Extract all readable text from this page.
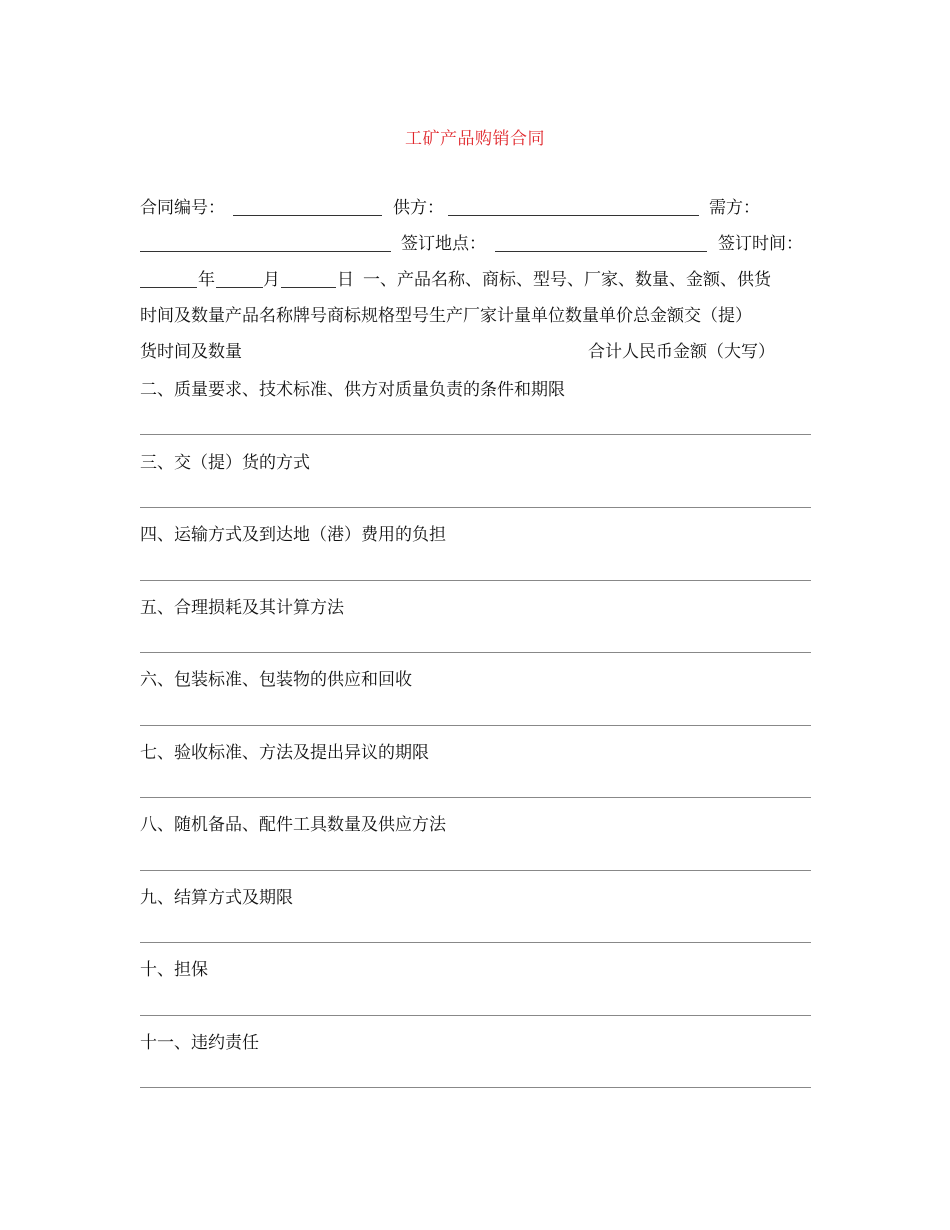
工矿产品购销合同
合同编号：	供方：	需方：
签订地点：	签订时间：
年	月	日 一、产品名称、商标、型号、厂家、数量、金额、供货
时间及数量产品名称牌号商标规格型号生产厂家计量单位数量单价总金额交（提）
货时间及数量	合计人民币金额（大写）
二、质量要求、技术标准、供方对质量负责的条件和期限
三、交（提）货的方式
四、运输方式及到达地（港）费用的负担
五、合理损耗及其计算方法
六、包装标准、包装物的供应和回收
七、验收标准、方法及提出异议的期限
八、随机备品、配件工具数量及供应方法
九、结算方式及期限
十、担保
十一、违约责任
